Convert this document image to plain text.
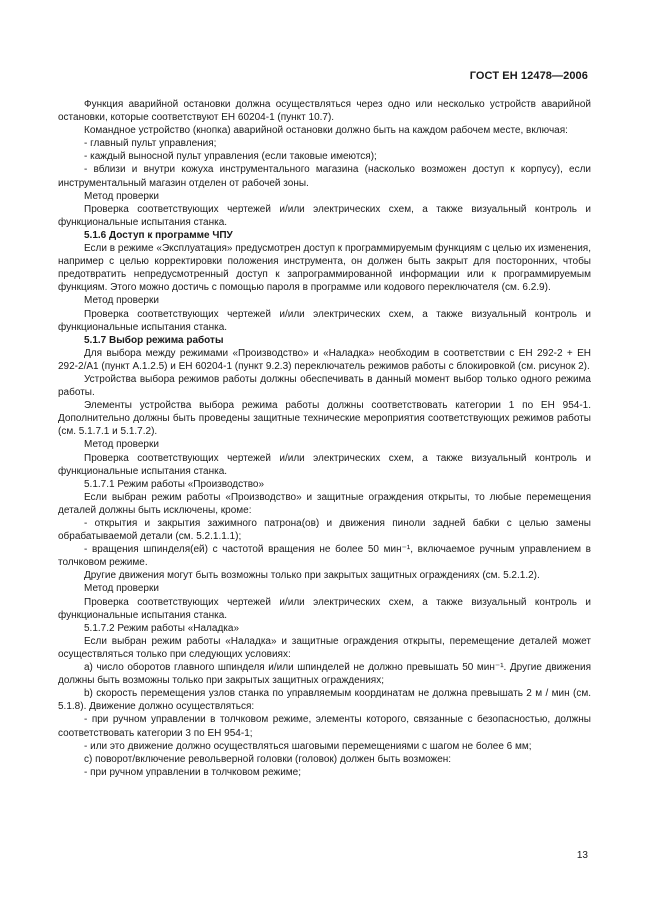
ГОСТ ЕН 12478—2006

Функция аварийной остановки должна осуществляться через одно или несколько устройств аварийной остановки, которые соответствуют ЕН 60204-1 (пункт 10.7).

Командное устройство (кнопка) аварийной остановки должно быть на каждом рабочем месте, включая:

- главный пульт управления;

- каждый выносной пульт управления (если таковые имеются);

- вблизи и внутри кожуха инструментального магазина (насколько возможен доступ к корпусу), если инструментальный магазин отделен от рабочей зоны.

Метод проверки

Проверка соответствующих чертежей и/или электрических схем, а также визуальный контроль и функциональные испытания станка.

5.1.6 Доступ к программе ЧПУ

Если в режиме «Эксплуатация» предусмотрен доступ к программируемым функциям с целью их изменения, например с целью корректировки положения инструмента, он должен быть закрыт для посторонних, чтобы предотвратить непредусмотренный доступ к запрограммированной информации или к программируемым функциям. Этого можно достичь с помощью пароля в программе или кодового переключателя (см. 6.2.9).

Метод проверки

Проверка соответствующих чертежей и/или электрических схем, а также визуальный контроль и функциональные испытания станка.

5.1.7 Выбор режима работы

Для выбора между режимами «Производство» и «Наладка» необходим в соответствии с ЕН 292-2 + ЕН 292-2/А1 (пункт А.1.2.5) и ЕН 60204-1 (пункт 9.2.3) переключатель режимов работы с блокировкой (см. рисунок 2).

Устройства выбора режимов работы должны обеспечивать в данный момент выбор только одного режима работы.

Элементы устройства выбора режима работы должны соответствовать категории 1 по ЕН 954-1. Дополнительно должны быть проведены защитные технические мероприятия соответствующих режимов работы (см. 5.1.7.1 и 5.1.7.2).

Метод проверки

Проверка соответствующих чертежей и/или электрических схем, а также визуальный контроль и функциональные испытания станка.

5.1.7.1 Режим работы «Производство»

Если выбран режим работы «Производство» и защитные ограждения открыты, то любые перемещения деталей должны быть исключены, кроме:

- открытия и закрытия зажимного патрона(ов) и движения пиноли задней бабки с целью замены обрабатываемой детали (см. 5.2.1.1.1);

- вращения шпинделя(ей) с частотой вращения не более 50 мин⁻¹, включаемое ручным управлением в толчковом режиме.

Другие движения могут быть возможны только при закрытых защитных ограждениях (см. 5.2.1.2).

Метод проверки

Проверка соответствующих чертежей и/или электрических схем, а также визуальный контроль и функциональные испытания станка.

5.1.7.2 Режим работы «Наладка»

Если выбран режим работы «Наладка» и защитные ограждения открыты, перемещение деталей может осуществляться только при следующих условиях:

а) число оборотов главного шпинделя и/или шпинделей не должно превышать 50 мин⁻¹. Другие движения должны быть возможны только при закрытых защитных ограждениях;

b) скорость перемещения узлов станка по управляемым координатам не должна превышать 2 м / мин (см. 5.1.8). Движение должно осуществляться:

- при ручном управлении в толчковом режиме, элементы которого, связанные с безопасностью, должны соответствовать категории 3 по ЕН 954-1;

- или это движение должно осуществляться шаговыми перемещениями с шагом не более 6 мм;

с) поворот/включение револьверной головки (головок) должен быть возможен:

- при ручном управлении в толчковом режиме;

13
